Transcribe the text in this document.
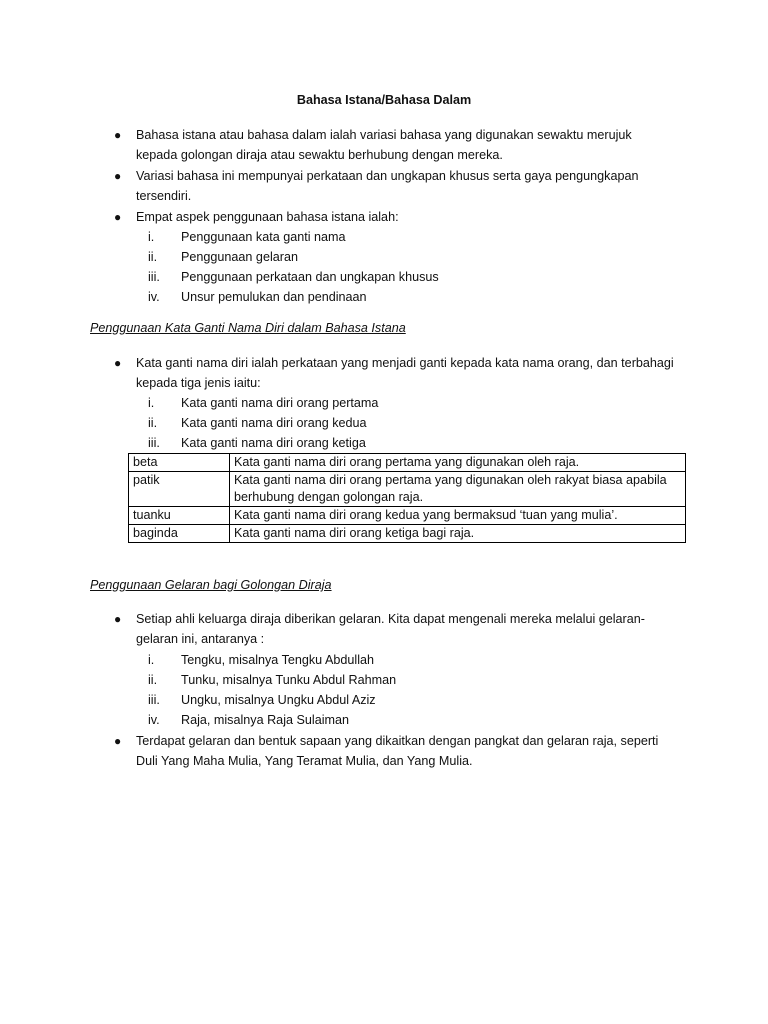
Bahasa Istana/Bahasa Dalam
● Bahasa istana atau bahasa dalam ialah variasi bahasa yang digunakan sewaktu merujuk kepada golongan diraja atau sewaktu berhubung dengan mereka.
● Variasi bahasa ini mempunyai perkataan dan ungkapan khusus serta gaya pengungkapan tersendiri.
● Empat aspek penggunaan bahasa istana ialah:
i. Penggunaan kata ganti nama
ii. Penggunaan gelaran
iii. Penggunaan perkataan dan ungkapan khusus
iv. Unsur pemulukan dan pendinaan
Penggunaan Kata Ganti Nama Diri dalam Bahasa Istana
● Kata ganti nama diri ialah perkataan yang menjadi ganti kepada kata nama orang, dan terbahagi kepada tiga jenis iaitu:
i. Kata ganti nama diri orang pertama
ii. Kata ganti nama diri orang kedua
iii. Kata ganti nama diri orang ketiga
beta	Kata ganti nama diri orang pertama yang digunakan oleh raja.
patik	Kata ganti nama diri orang pertama yang digunakan oleh rakyat biasa apabila berhubung dengan golongan raja.
tuanku	Kata ganti nama diri orang kedua yang bermaksud ‘tuan yang mulia’.
baginda	Kata ganti nama diri orang ketiga bagi raja.
Penggunaan Gelaran bagi Golongan Diraja
● Setiap ahli keluarga diraja diberikan gelaran. Kita dapat mengenali mereka melalui gelaran-gelaran ini, antaranya :
i. Tengku, misalnya Tengku Abdullah
ii. Tunku, misalnya Tunku Abdul Rahman
iii. Ungku, misalnya Ungku Abdul Aziz
iv. Raja, misalnya Raja Sulaiman
● Terdapat gelaran dan bentuk sapaan yang dikaitkan dengan pangkat dan gelaran raja, seperti Duli Yang Maha Mulia, Yang Teramat Mulia, dan Yang Mulia.
